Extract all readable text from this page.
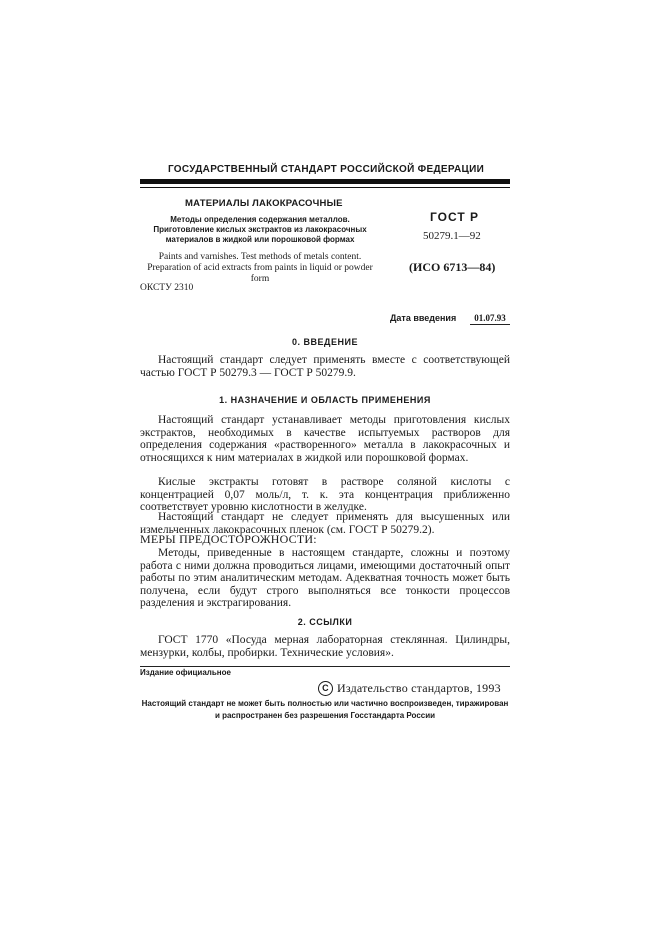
ГОСУДАРСТВЕННЫЙ СТАНДАРТ РОССИЙСКОЙ ФЕДЕРАЦИИ
МАТЕРИАЛЫ ЛАКОКРАСОЧНЫЕ
Методы определения содержания металлов. Приготовление кислых экстрактов из лакокрасочных материалов в жидкой или порошковой формах
ГОСТ Р
50279.1—92
Paints and varnishes. Test methods of metals content. Preparation of acid extracts from paints in liquid or powder form
(ИСО 6713—84)
ОКСТУ 2310
Дата введения 01.07.93
0. ВВЕДЕНИЕ
Настоящий стандарт следует применять вместе с соответствующей частью ГОСТ Р 50279.3 — ГОСТ Р 50279.9.
1. НАЗНАЧЕНИЕ И ОБЛАСТЬ ПРИМЕНЕНИЯ
Настоящий стандарт устанавливает методы приготовления кислых экстрактов, необходимых в качестве испытуемых растворов для определения содержания «растворенного» металла в лакокрасочных и относящихся к ним материалах в жидкой или порошковой формах.
Кислые экстракты готовят в растворе соляной кислоты с концентрацией 0,07 моль/л, т. к. эта концентрация приближенно соответствует уровню кислотности в желудке.
Настоящий стандарт не следует применять для высушенных или измельченных лакокрасочных пленок (см. ГОСТ Р 50279.2).
МЕРЫ ПРЕДОСТОРОЖНОСТИ:
Методы, приведенные в настоящем стандарте, сложны и поэтому работа с ними должна проводиться лицами, имеющими достаточный опыт работы по этим аналитическим методам. Адекватная точность может быть получена, если будут строго выполняться все тонкости процессов разделения и экстрагирования.
2. ССЫЛКИ
ГОСТ 1770 «Посуда мерная лабораторная стеклянная. Цилиндры, мензурки, колбы, пробирки. Технические условия».
Издание официальное
C Издательство стандартов, 1993
Настоящий стандарт не может быть полностью или частично воспроизведен, тиражирован и распространен без разрешения Госстандарта России
